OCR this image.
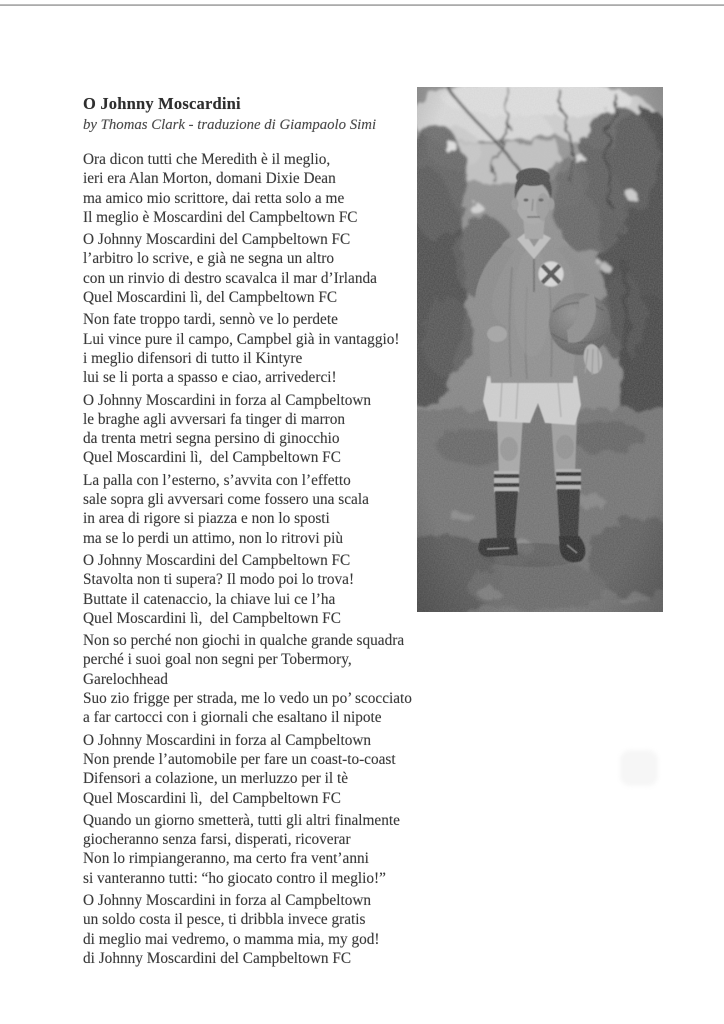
O Johnny Moscardini
by Thomas Clark - traduzione di Giampaolo Simi
Ora dicon tutti che Meredith è il meglio,
ieri era Alan Morton, domani Dixie Dean
ma amico mio scrittore, dai retta solo a me
Il meglio è Moscardini del Campbeltown FC
O Johnny Moscardini del Campbeltown FC
l’arbitro lo scrive, e già ne segna un altro
con un rinvio di destro scavalca il mar d’Irlanda
Quel Moscardini lì, del Campbeltown FC
Non fate troppo tardi, sennò ve lo perdete
Lui vince pure il campo, Campbel già in vantaggio!
i meglio difensori di tutto il Kintyre
lui se li porta a spasso e ciao, arrivederci!
O Johnny Moscardini in forza al Campbeltown
le braghe agli avversari fa tinger di marron
da trenta metri segna persino di ginocchio
Quel Moscardini lì,  del Campbeltown FC
La palla con l’esterno, s’avvita con l’effetto
sale sopra gli avversari come fossero una scala
in area di rigore si piazza e non lo sposti
ma se lo perdi un attimo, non lo ritrovi più
O Johnny Moscardini del Campbeltown FC
Stavolta non ti supera? Il modo poi lo trova!
Buttate il catenaccio, la chiave lui ce l’ha
Quel Moscardini lì,  del Campbeltown FC
Non so perché non giochi in qualche grande squadra
perché i suoi goal non segni per Tobermory, Garelochhead
Suo zio frigge per strada, me lo vedo un po’ scocciato
a far cartocci con i giornali che esaltano il nipote
O Johnny Moscardini in forza al Campbeltown
Non prende l’automobile per fare un coast-to-coast
Difensori a colazione, un merluzzo per il tè
Quel Moscardini lì,  del Campbeltown FC
Quando un giorno smetterà, tutti gli altri finalmente
giocheranno senza farsi, disperati, ricoverar
Non lo rimpiangeranno, ma certo fra vent’anni
si vanteranno tutti: “ho giocato contro il meglio!”
O Johnny Moscardini in forza al Campbeltown
un soldo costa il pesce, ti dribbla invece gratis
di meglio mai vedremo, o mamma mia, my god!
di Johnny Moscardini del Campbeltown FC
